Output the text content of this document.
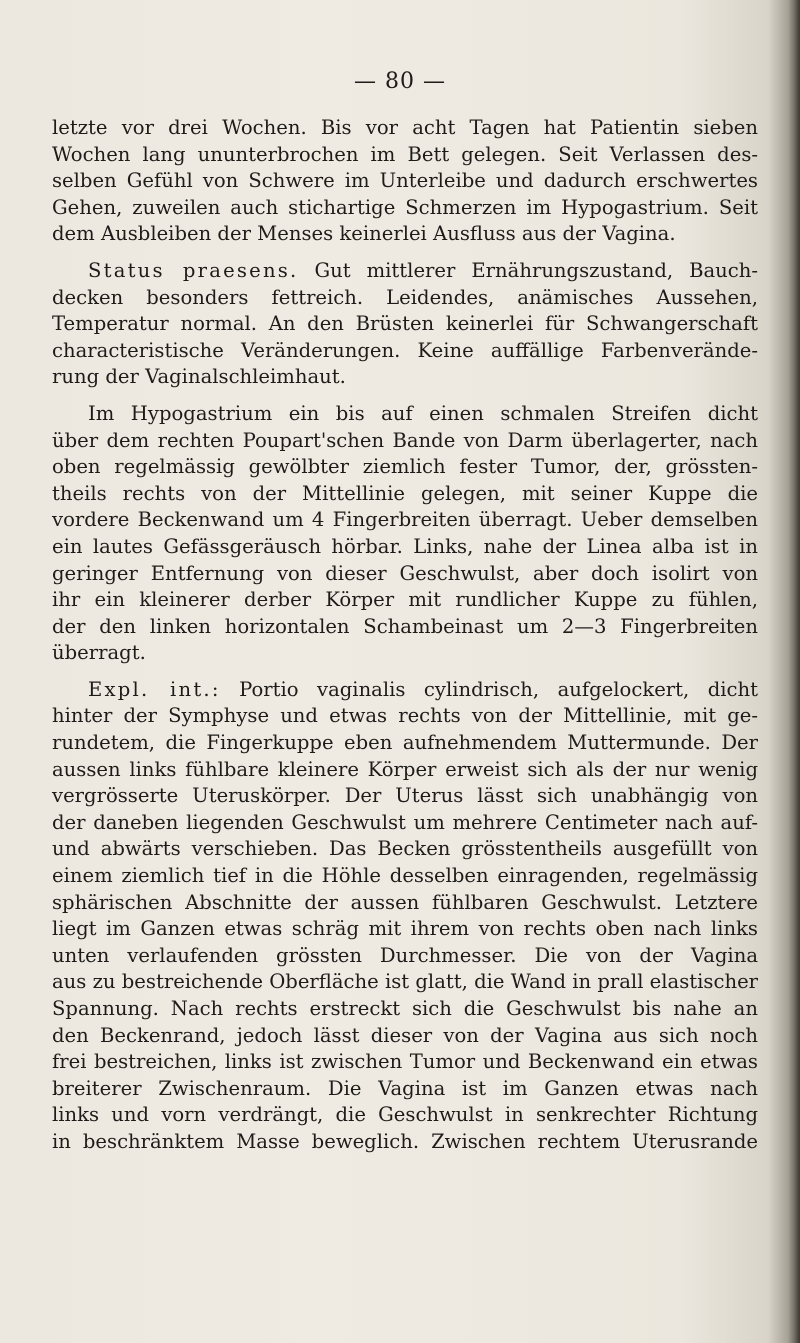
— 80 —
letzte vor drei Wochen. Bis vor acht Tagen hat Patientin sieben
Wochen lang ununterbrochen im Bett gelegen. Seit Verlassen des-
selben Gefühl von Schwere im Unterleibe und dadurch erschwertes
Gehen, zuweilen auch stichartige Schmerzen im Hypogastrium. Seit
dem Ausbleiben der Menses keinerlei Ausfluss aus der Vagina.
Status praesens. Gut mittlerer Ernährungszustand, Bauch-
decken besonders fettreich. Leidendes, anämisches Aussehen,
Temperatur normal. An den Brüsten keinerlei für Schwangerschaft
characteristische Veränderungen. Keine auffällige Farbenverände-
rung der Vaginalschleimhaut.
Im Hypogastrium ein bis auf einen schmalen Streifen dicht
über dem rechten Poupart'schen Bande von Darm überlagerter, nach
oben regelmässig gewölbter ziemlich fester Tumor, der, grössten-
theils rechts von der Mittellinie gelegen, mit seiner Kuppe die
vordere Beckenwand um 4 Fingerbreiten überragt. Ueber demselben
ein lautes Gefässgeräusch hörbar. Links, nahe der Linea alba ist in
geringer Entfernung von dieser Geschwulst, aber doch isolirt von
ihr ein kleinerer derber Körper mit rundlicher Kuppe zu fühlen,
der den linken horizontalen Schambeinast um 2—3 Fingerbreiten
überragt.
Expl. int.: Portio vaginalis cylindrisch, aufgelockert, dicht
hinter der Symphyse und etwas rechts von der Mittellinie, mit ge-
rundetem, die Fingerkuppe eben aufnehmendem Muttermunde. Der
aussen links fühlbare kleinere Körper erweist sich als der nur wenig
vergrösserte Uteruskörper. Der Uterus lässt sich unabhängig von
der daneben liegenden Geschwulst um mehrere Centimeter nach auf-
und abwärts verschieben. Das Becken grösstentheils ausgefüllt von
einem ziemlich tief in die Höhle desselben einragenden, regelmässig
sphärischen Abschnitte der aussen fühlbaren Geschwulst. Letztere
liegt im Ganzen etwas schräg mit ihrem von rechts oben nach links
unten verlaufenden grössten Durchmesser. Die von der Vagina
aus zu bestreichende Oberfläche ist glatt, die Wand in prall elastischer
Spannung. Nach rechts erstreckt sich die Geschwulst bis nahe an
den Beckenrand, jedoch lässt dieser von der Vagina aus sich noch
frei bestreichen, links ist zwischen Tumor und Beckenwand ein etwas
breiterer Zwischenraum. Die Vagina ist im Ganzen etwas nach
links und vorn verdrängt, die Geschwulst in senkrechter Richtung
in beschränktem Masse beweglich. Zwischen rechtem Uterusrande
